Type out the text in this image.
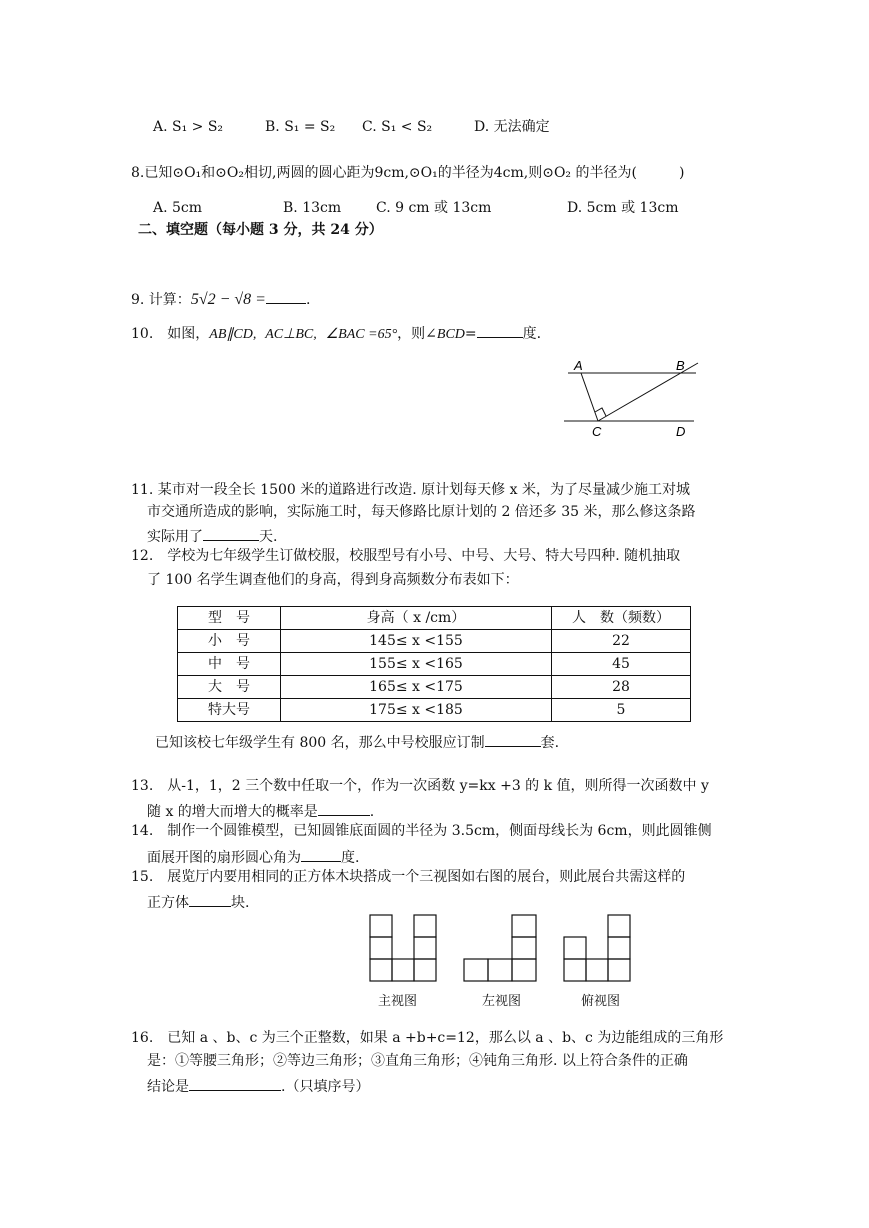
A. S₁ > S₂	B. S₁ = S₂ C. S₁ < S₂	D. 无法确定
8.已知⊙O₁和⊙O₂相切,两圆的圆心距为9cm,⊙O₁的半径为4cm,则⊙O₂ 的半径为(　　　)
A. 5cm	B. 13cm C. 9 cm 或 13cm	D. 5cm 或 13cm
二、填空题（每小题 3 分，共 24 分）
9. 计算：5√2 − √8 =	.
10.　如图，AB∥CD, AC⊥BC, ∠BAC =65°，则∠BCD=	度.
A	B
C	D
11. 某市对一段全长 1500 米的道路进行改造. 原计划每天修 x 米，为了尽量减少施工对城
市交通所造成的影响，实际施工时，每天修路比原计划的 2 倍还多 35 米，那么修这条路
实际用了	天.
12.　学校为七年级学生订做校服，校服型号有小号、中号、大号、特大号四种. 随机抽取
了 100 名学生调查他们的身高，得到身高频数分布表如下：
型　号	身高（ x /cm）	人　数（频数）
小　号	145≤ x <155	22
中　号	155≤ x <165	45
大　号	165≤ x <175	28
特大号	175≤ x <185	5
已知该校七年级学生有 800 名，那么中号校服应订制	套.
13.　从-1，1，2 三个数中任取一个，作为一次函数 y=kx +3 的 k 值，则所得一次函数中 y
随 x 的增大而增大的概率是	.
14.　制作一个圆锥模型，已知圆锥底面圆的半径为 3.5cm，侧面母线长为 6cm，则此圆锥侧
面展开图的扇形圆心角为	度.
15.　展览厅内要用相同的正方体木块搭成一个三视图如右图的展台，则此展台共需这样的
正方体	块.
主视图	左视图	俯视图
16.　已知 a 、b、c 为三个正整数，如果 a +b+c=12，那么以 a 、b、c 为边能组成的三角形
是：①等腰三角形；②等边三角形；③直角三角形；④钝角三角形. 以上符合条件的正确
结论是	.（只填序号）
